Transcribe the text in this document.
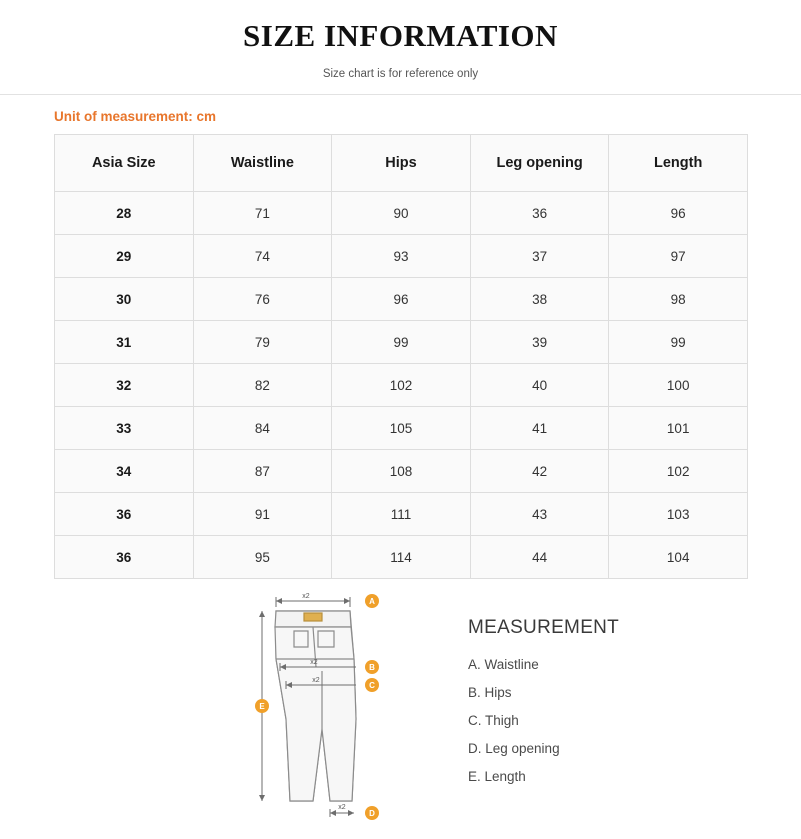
SIZE INFORMATION
Size chart is for reference only
Unit of measurement: cm
Asia Size	Waistline	Hips	Leg opening	Length
28	71	90	36	96
29	74	93	37	97
30	76	96	38	98
31	79	99	39	99
32	82	102	40	100
33	84	105	41	101
34	87	108	42	102
36	91	111	43	103
36	95	114	44	104
x2
A
x2
B
x2
C
E
x2
D
MEASUREMENT
A. Waistline
B. Hips
C. Thigh
D. Leg opening
E. Length
